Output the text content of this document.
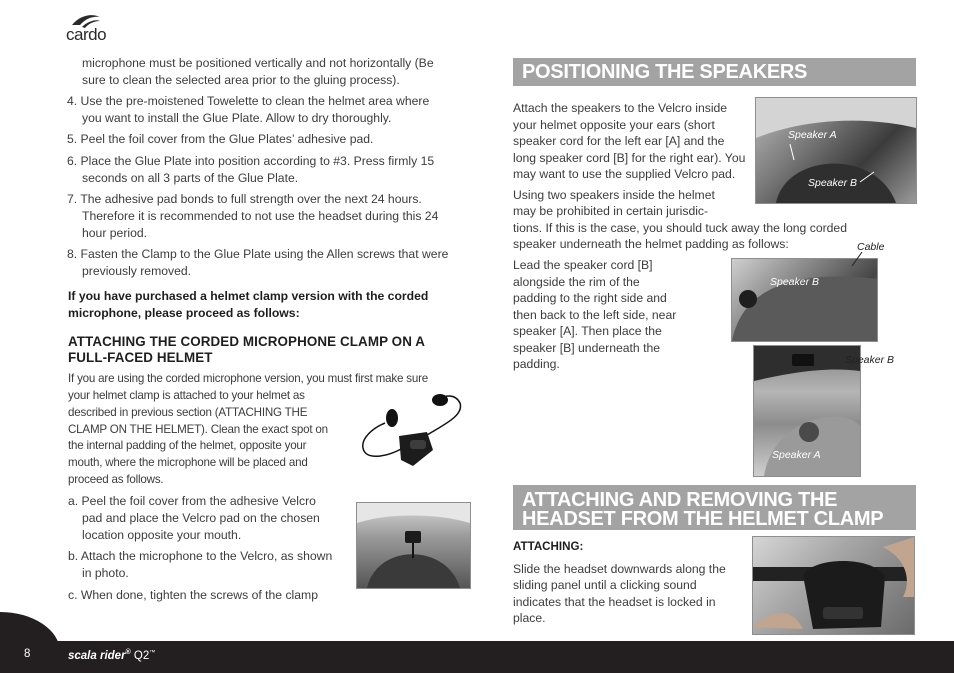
cardo
microphone must be positioned vertically and not horizontally (Be
sure to clean the selected area prior to the gluing process).
4. Use the pre-moistened Towelette to clean the helmet area where
you want to install the Glue Plate. Allow to dry thoroughly.
5. Peel the foil cover from the Glue Plates’ adhesive pad.
6. Place the Glue Plate into position according to #3. Press firmly 15
seconds on all 3 parts of the Glue Plate.
7. The adhesive pad bonds to full strength over the next 24 hours.
Therefore it is recommended to not use the headset during this 24
hour period.
8. Fasten the Clamp to the Glue Plate using the Allen screws that were
previously removed.
If you have purchased a helmet clamp version with the corded
microphone, please proceed as follows:
ATTACHING THE CORDED MICROPHONE CLAMP ON A
FULL-FACED HELMET
If you are using the corded microphone version, you must first make sure
your helmet clamp is attached to your helmet as
described in previous section (ATTACHING THE
CLAMP ON THE HELMET). Clean the exact spot on
the internal padding of the helmet, opposite your
mouth, where the microphone will be placed and
proceed as follows.
a. Peel the foil cover from the adhesive Velcro
pad and place the Velcro pad on the chosen
location opposite your mouth.
b. Attach the microphone to the Velcro, as shown
in photo.
c. When done, tighten the screws of the clamp
POSITIONING THE SPEAKERS
Attach the speakers to the Velcro inside
your helmet opposite your ears (short
speaker cord for the left ear [A] and the
long speaker cord [B] for the right ear). You
may want to use the supplied Velcro pad.
Using two speakers inside the helmet
may be prohibited in certain jurisdic-
tions. If this is the case, you should tuck away the long corded
speaker underneath the helmet padding as follows:
Lead the speaker cord [B]
alongside the rim of the
padding to the right side and
then back to the left side, near
speaker [A]. Then place the
speaker [B] underneath the
padding.
Speaker A
Speaker B
Speaker B
Cable
Speaker A
Speaker B
ATTACHING AND REMOVING THE
HEADSET FROM THE HELMET CLAMP
ATTACHING:
Slide the headset downwards along the
sliding panel until a clicking sound
indicates that the headset is locked in
place.
8	scala rider® Q2™
